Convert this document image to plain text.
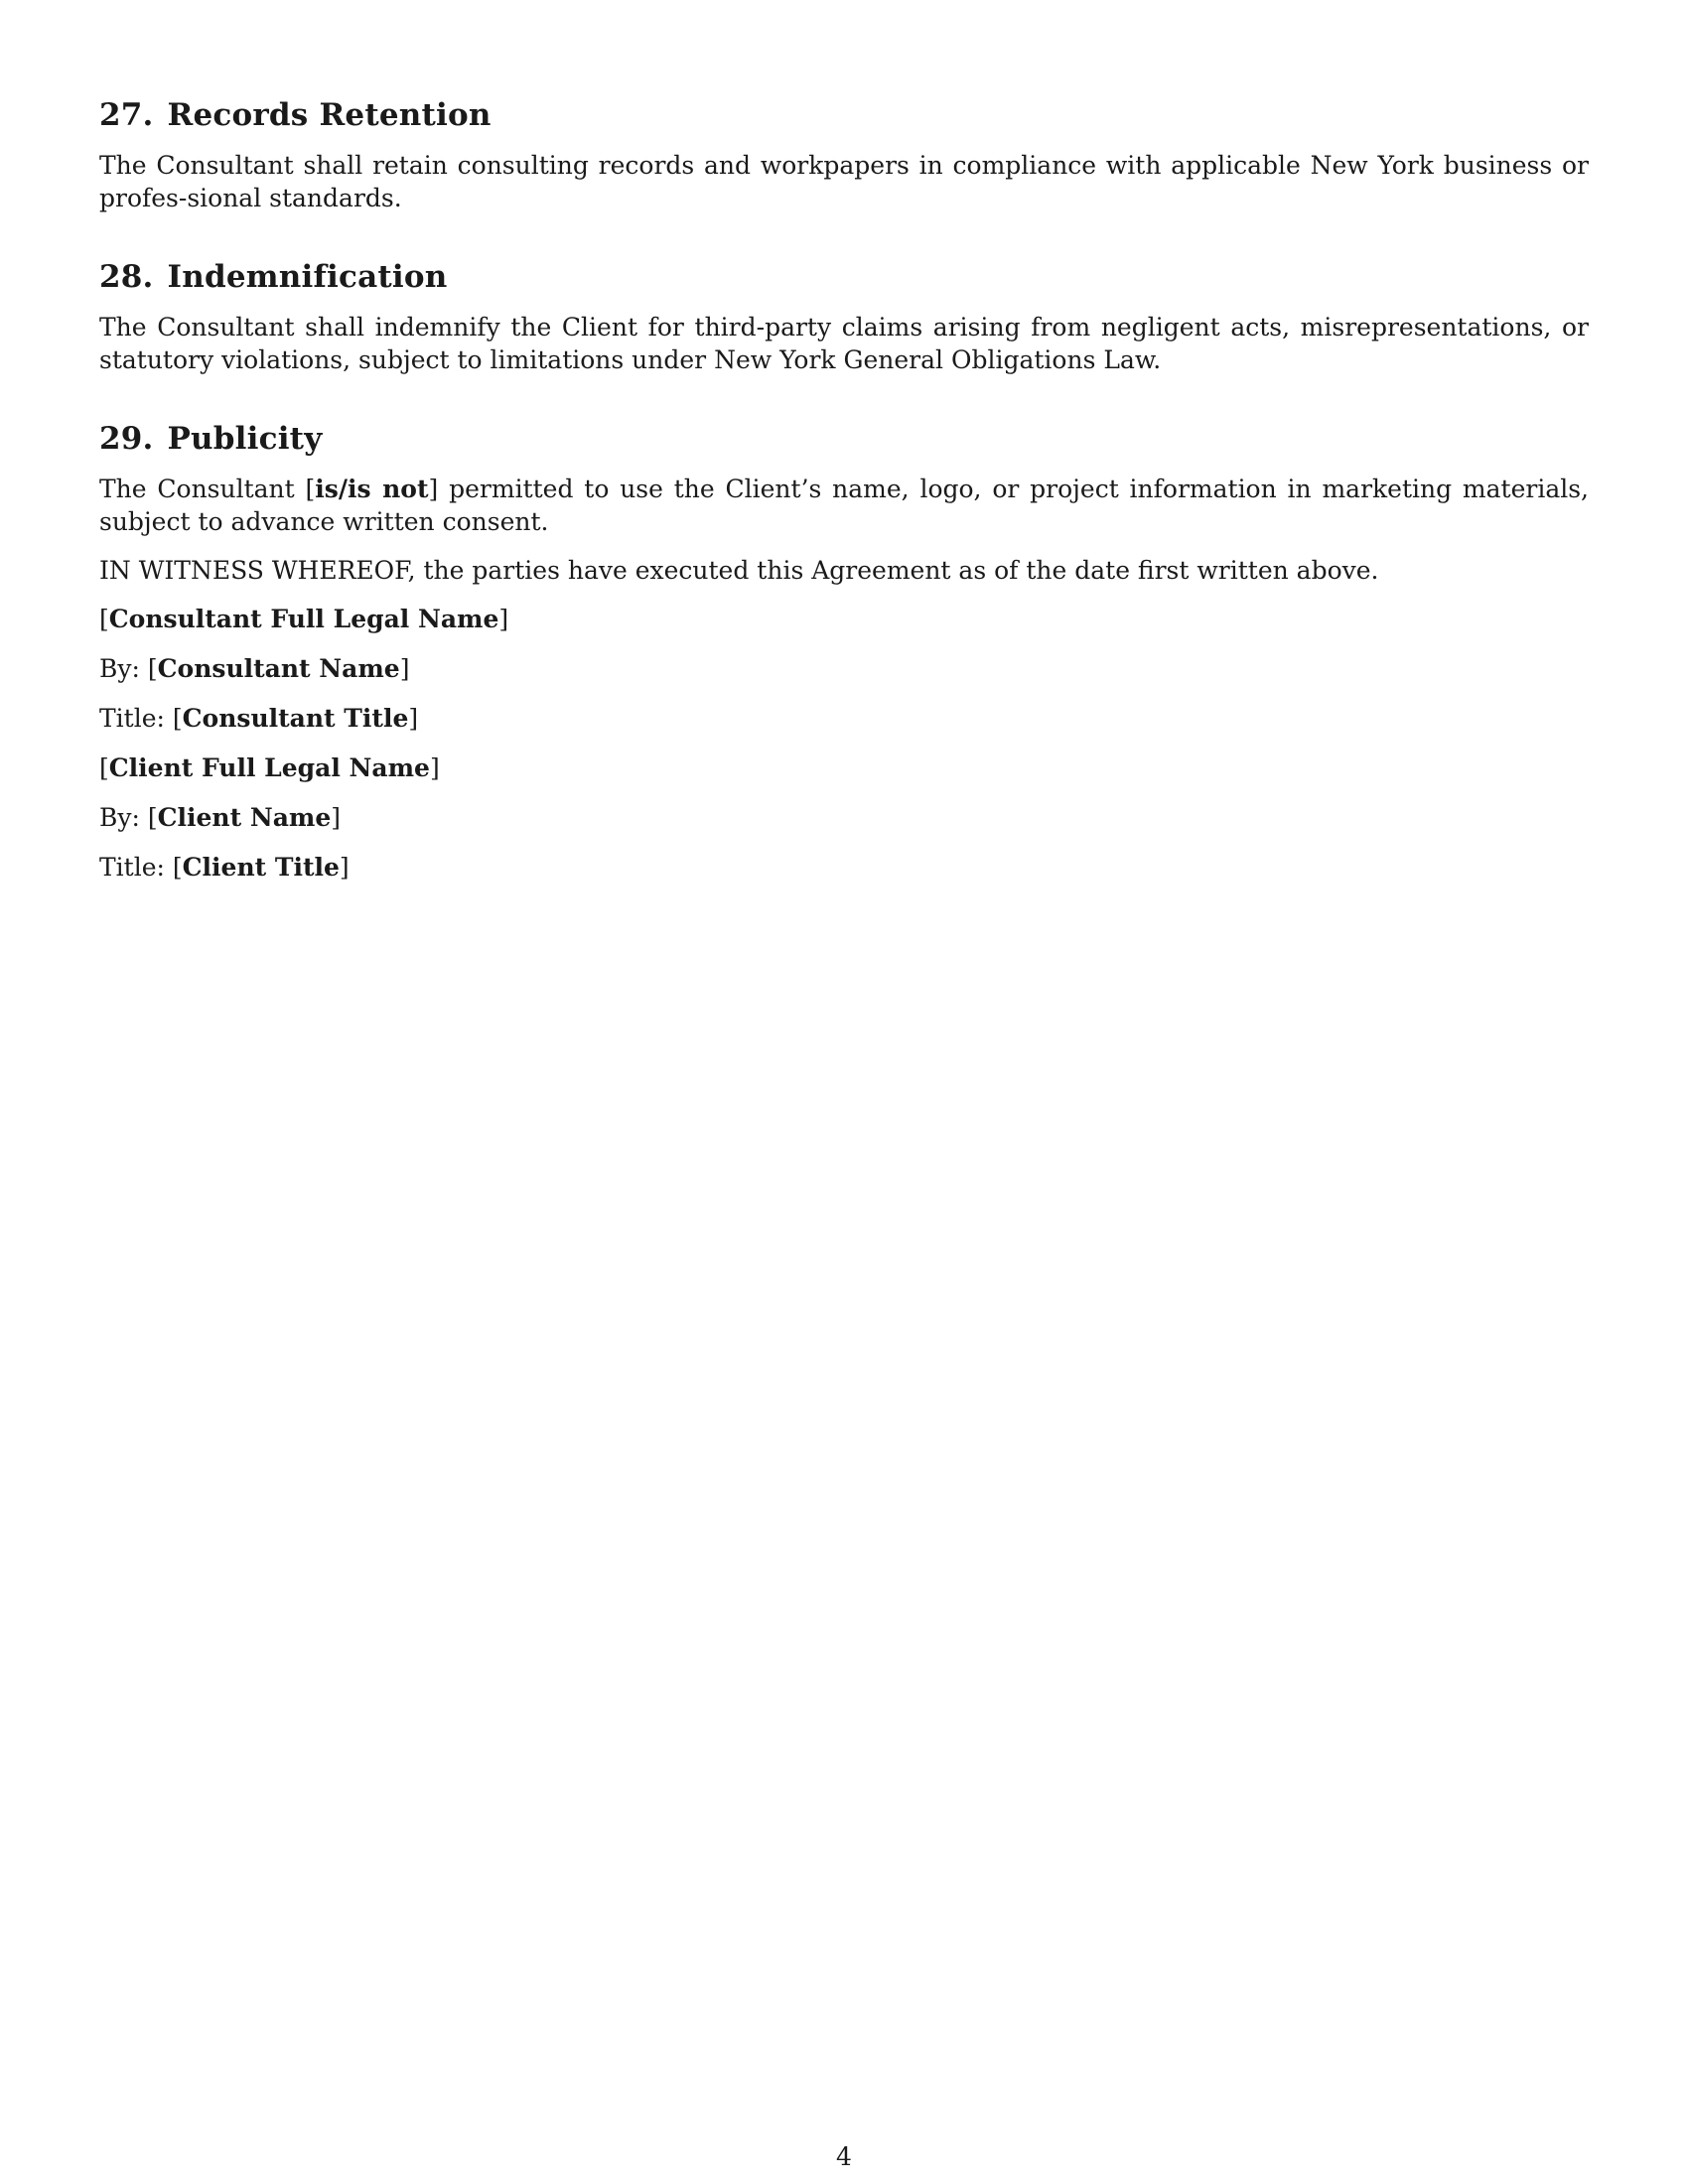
27. Records Retention

The Consultant shall retain consulting records and workpapers in compliance with applicable New York business or profes-sional standards.

28. Indemnification

The Consultant shall indemnify the Client for third-party claims arising from negligent acts, misrepresentations, or statutory violations, subject to limitations under New York General Obligations Law.

29. Publicity

The Consultant [is/is not] permitted to use the Client’s name, logo, or project information in marketing materials, subject to advance written consent.

IN WITNESS WHEREOF, the parties have executed this Agreement as of the date first written above.

[Consultant Full Legal Name]
By: [Consultant Name]
Title: [Consultant Title]
[Client Full Legal Name]
By: [Client Name]
Title: [Client Title]
4
